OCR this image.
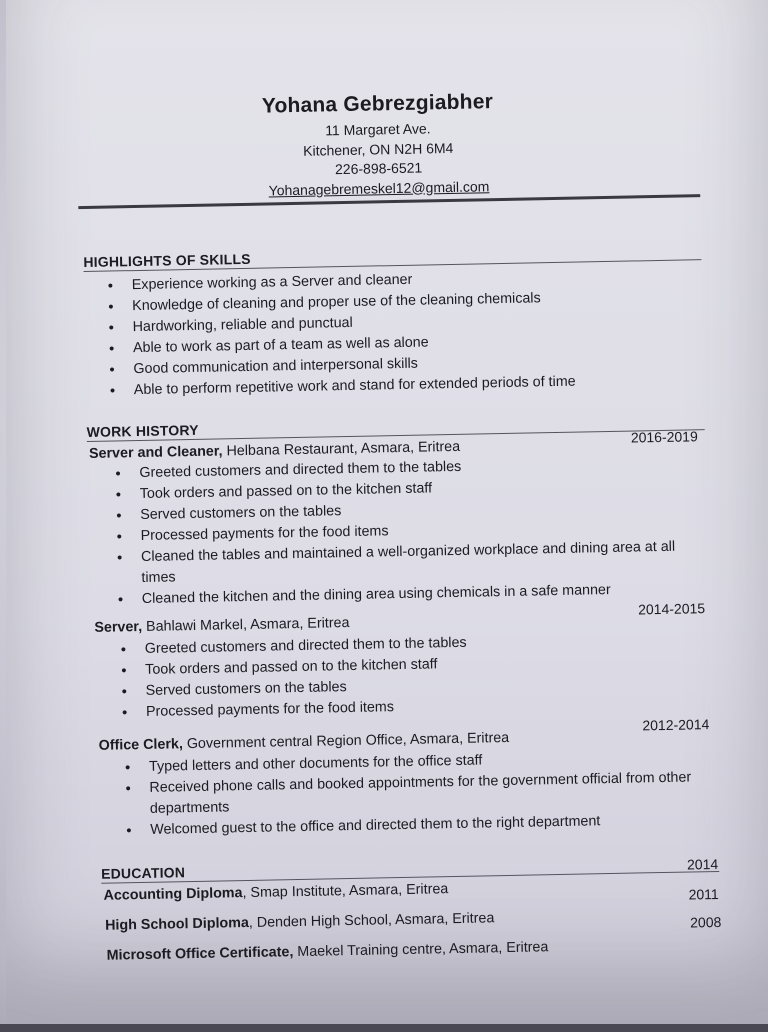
Yohana Gebrezgiabher
11 Margaret Ave.
Kitchener, ON N2H 6M4
226-898-6521
Yohanagebremeskel12@gmail.com
HIGHLIGHTS OF SKILLS
• Experience working as a Server and cleaner
• Knowledge of cleaning and proper use of the cleaning chemicals
• Hardworking, reliable and punctual
• Able to work as part of a team as well as alone
• Good communication and interpersonal skills
• Able to perform repetitive work and stand for extended periods of time
WORK HISTORY
Server and Cleaner, Helbana Restaurant, Asmara, Eritrea
2016-2019
• Greeted customers and directed them to the tables
• Took orders and passed on to the kitchen staff
• Served customers on the tables
• Processed payments for the food items
• Cleaned the tables and maintained a well-organized workplace and dining area at all times
• Cleaned the kitchen and the dining area using chemicals in a safe manner
Server, Bahlawi Markel, Asmara, Eritrea
2014-2015
• Greeted customers and directed them to the tables
• Took orders and passed on to the kitchen staff
• Served customers on the tables
• Processed payments for the food items
Office Clerk, Government central Region Office, Asmara, Eritrea
2012-2014
• Typed letters and other documents for the office staff
• Received phone calls and booked appointments for the government official from other departments
• Welcomed guest to the office and directed them to the right department
EDUCATION
Accounting Diploma, Smap Institute, Asmara, Eritrea
2014
High School Diploma, Denden High School, Asmara, Eritrea
2011
Microsoft Office Certificate, Maekel Training centre, Asmara, Eritrea
2008
